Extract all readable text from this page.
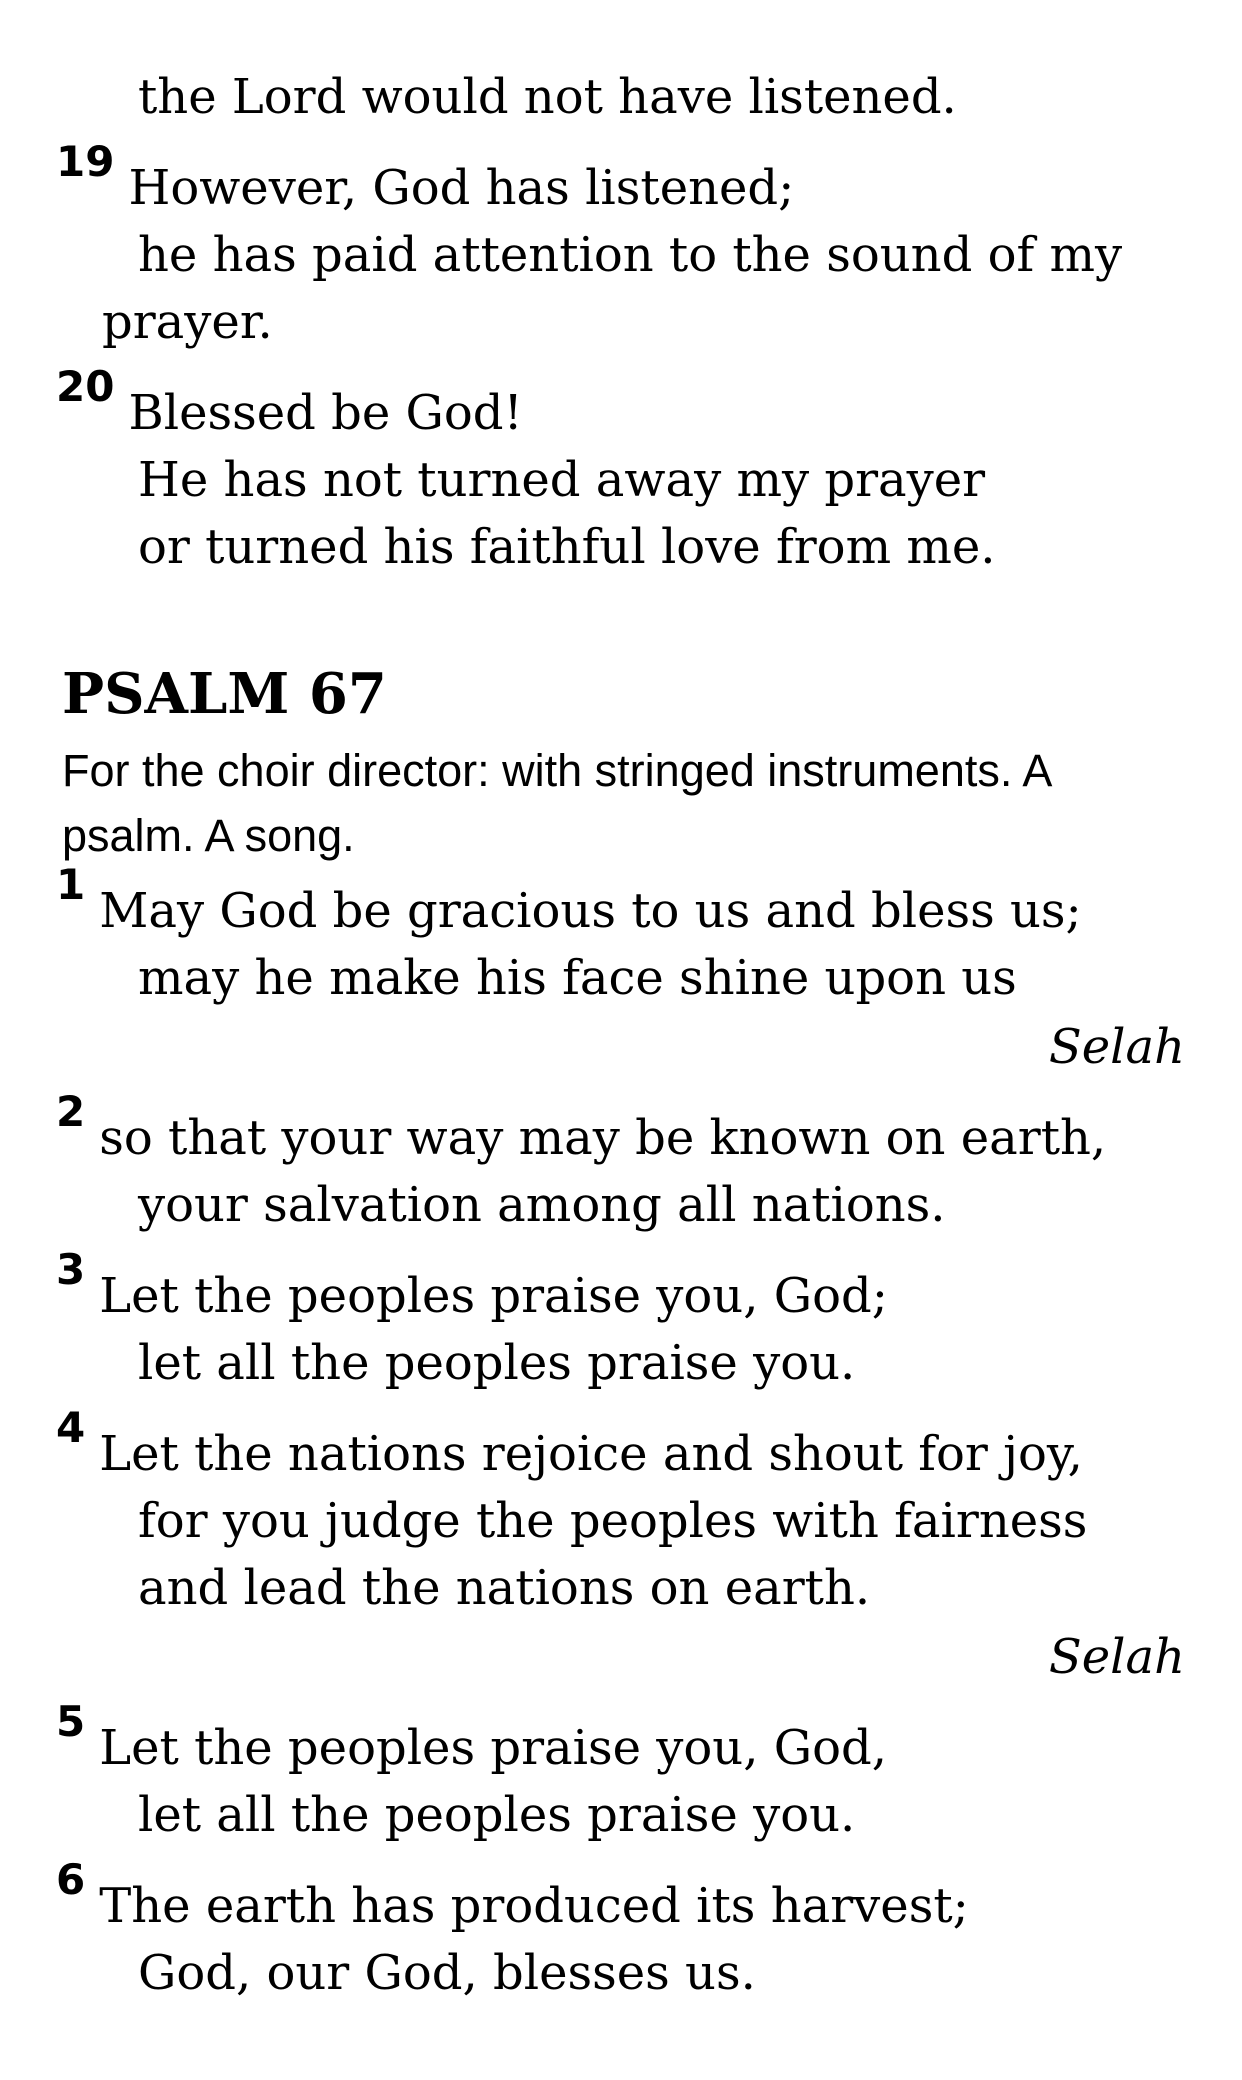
the Lord would not have listened.
19 However, God has listened;
he has paid attention to the sound of my prayer.
20 Blessed be God!
He has not turned away my prayer
or turned his faithful love from me.
PSALM 67
For the choir director: with stringed instruments. A
psalm. A song.
1 May God be gracious to us and bless us;
may he make his face shine upon us
Selah
2 so that your way may be known on earth,
your salvation among all nations.
3 Let the peoples praise you, God;
let all the peoples praise you.
4 Let the nations rejoice and shout for joy,
for you judge the peoples with fairness
and lead the nations on earth.
Selah
5 Let the peoples praise you, God,
let all the peoples praise you.
6 The earth has produced its harvest;
God, our God, blesses us.
